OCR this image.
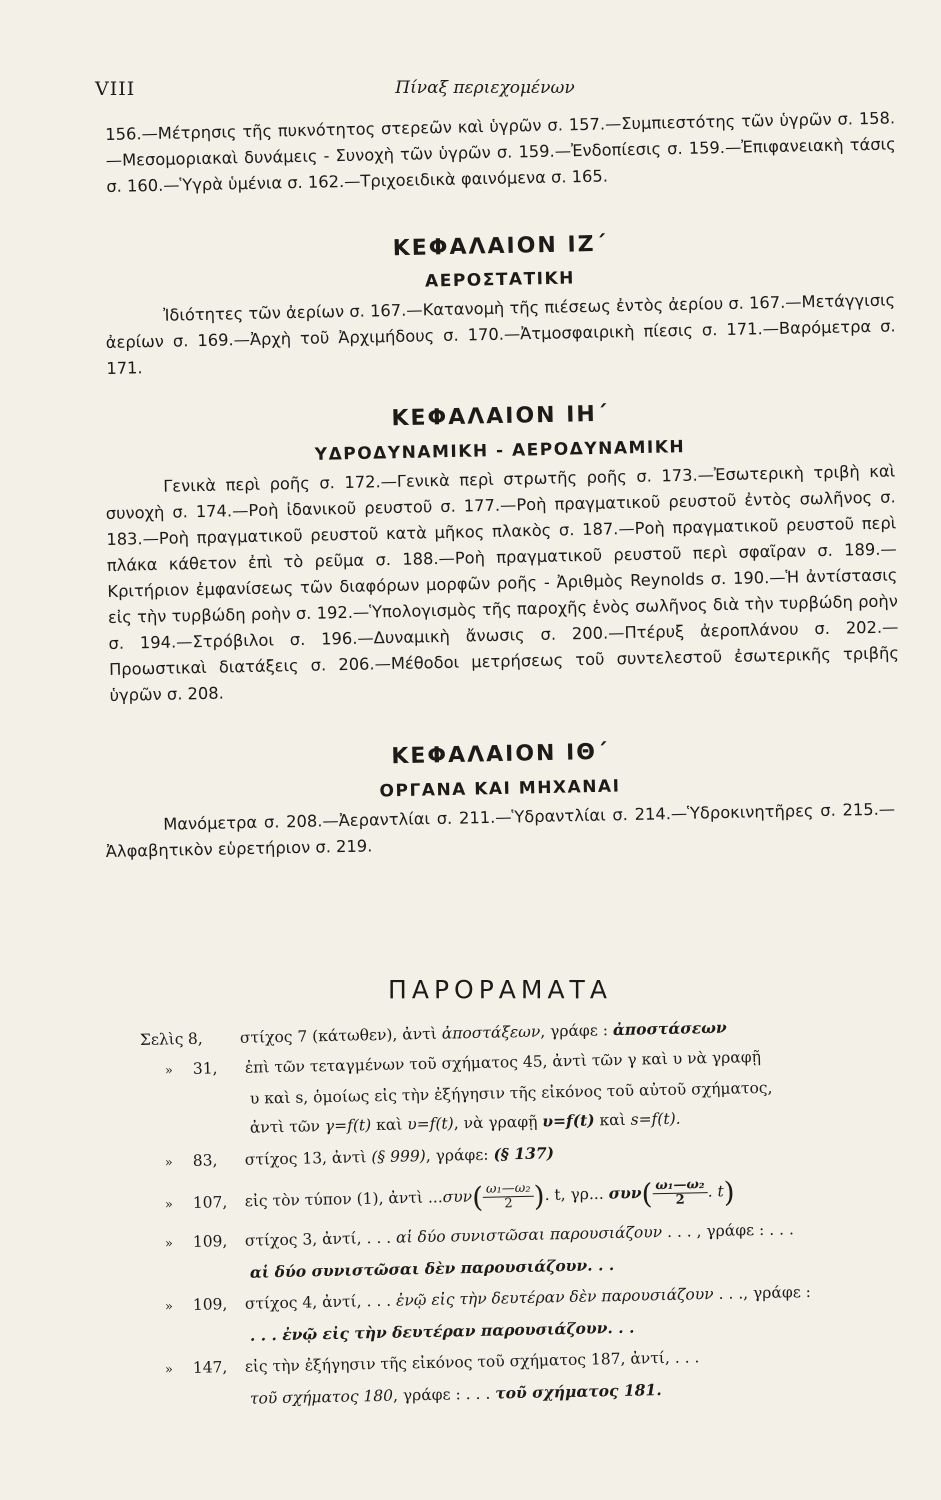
VIII	Πίναξ περιεχομένων

156.—Μέτρησις τῆς πυκνότητος στερεῶν καὶ ὑγρῶν σ. 157.—Συμπιεστότης τῶν ὑγρῶν σ. 158.—Μεσομοριακαὶ δυνάμεις - Συνοχὴ τῶν ὑγρῶν σ. 159.—Ἐνδοπίεσις σ. 159.—Ἐπιφανειακὴ τάσις σ. 160.—Ὑγρὰ ὑμένια σ. 162.—Τριχοειδικὰ φαινόμενα σ. 165.

ΚΕΦΑΛΑΙΟΝ ΙΖ΄
ΑΕΡΟΣΤΑΤΙΚΗ

Ἰδιότητες τῶν ἀερίων σ. 167.—Κατανομὴ τῆς πιέσεως ἐντὸς ἀερίου σ. 167.—Μετάγγισις ἀερίων σ. 169.—Ἀρχὴ τοῦ Ἀρχιμήδους σ. 170.—Ἀτμοσφαιρικὴ πίεσις σ. 171.—Βαρόμετρα σ. 171.

ΚΕΦΑΛΑΙΟΝ ΙΗ΄
ΥΔΡΟΔΥΝΑΜΙΚΗ - ΑΕΡΟΔΥΝΑΜΙΚΗ

Γενικὰ περὶ ροῆς σ. 172.—Γενικὰ περὶ στρωτῆς ροῆς σ. 173.—Ἐσωτερικὴ τριβὴ καὶ συνοχὴ σ. 174.—Ροὴ ἰδανικοῦ ρευστοῦ σ. 177.—Ροὴ πραγματικοῦ ρευστοῦ ἐντὸς σωλῆνος σ. 183.—Ροὴ πραγματικοῦ ρευστοῦ κατὰ μῆκος πλακὸς σ. 187.—Ροὴ πραγματικοῦ ρευστοῦ περὶ πλάκα κάθετον ἐπὶ τὸ ρεῦμα σ. 188.—Ροὴ πραγματικοῦ ρευστοῦ περὶ σφαῖραν σ. 189.—Κριτήριον ἐμφανίσεως τῶν διαφόρων μορφῶν ροῆς - Ἀριθμὸς Reynolds σ. 190.—Ἡ ἀντίστασις εἰς τὴν τυρβώδη ροὴν σ. 192.—Ὑπολογισμὸς τῆς παροχῆς ἑνὸς σωλῆνος διὰ τὴν τυρβώδη ροὴν σ. 194.—Στρόβιλοι σ. 196.—Δυναμικὴ ἄνωσις σ. 200.—Πτέρυξ ἀεροπλάνου σ. 202.—Προωστικαὶ διατάξεις σ. 206.—Μέθοδοι μετρήσεως τοῦ συντελεστοῦ ἐσωτερικῆς τριβῆς ὑγρῶν σ. 208.

ΚΕΦΑΛΑΙΟΝ ΙΘ΄
ΟΡΓΑΝΑ ΚΑΙ ΜΗΧΑΝΑΙ

Μανόμετρα σ. 208.—Ἀεραντλίαι σ. 211.—Ὑδραντλίαι σ. 214.—Ὑδροκινητῆρες σ. 215.—Ἀλφαβητικὸν εὑρετήριον σ. 219.

ΠΑΡΟΡΑΜΑΤΑ
Σελὶς 8, στίχος 7 (κάτωθεν), ἀντὶ ἀποστάξεων, γράφε : ἀποστάσεων
» 31, ἐπὶ τῶν τεταγμένων τοῦ σχήματος 45, ἀντὶ τῶν γ καὶ υ νὰ γραφῇ
υ καὶ s, ὁμοίως εἰς τὴν ἐξήγησιν τῆς εἰκόνος τοῦ αὐτοῦ σχήματος,
ἀντὶ τῶν γ=f(t) καὶ υ=f(t), νὰ γραφῇ υ=f(t) καὶ s=f(t).
» 83, στίχος 13, ἀντὶ (§ 999), γράφε: (§ 137)
» 107, εἰς τὸν τύπον (1), ἀντὶ $...\sigma\upsilon\nu( \frac{\text{ω₁—ω₂}}{2})$. t, γρ... $\sigma\upsilon\nu( \frac{\text{ω₁—ω₂}}{2}$. t)
» 109, στίχος 3, ἀντί, . . . αἱ δύο συνιστῶσαι παρουσιάζουν . . . , γράφε : . . .
αἱ δύο συνιστῶσαι δὲν παρουσιάζουν. . .
» 109, στίχος 4, ἀντί, . . . ἐνῷ εἰς τὴν δευτέραν δὲν παρουσιάζουν . . ., γράφε :
. . . ἐνῷ εἰς τὴν δευτέραν παρουσιάζουν. . .
» 147, εἰς τὴν ἐξήγησιν τῆς εἰκόνος τοῦ σχήματος 187, ἀντί, . . .
τοῦ σχήματος 180, γράφε : . . . τοῦ σχήματος 181.
